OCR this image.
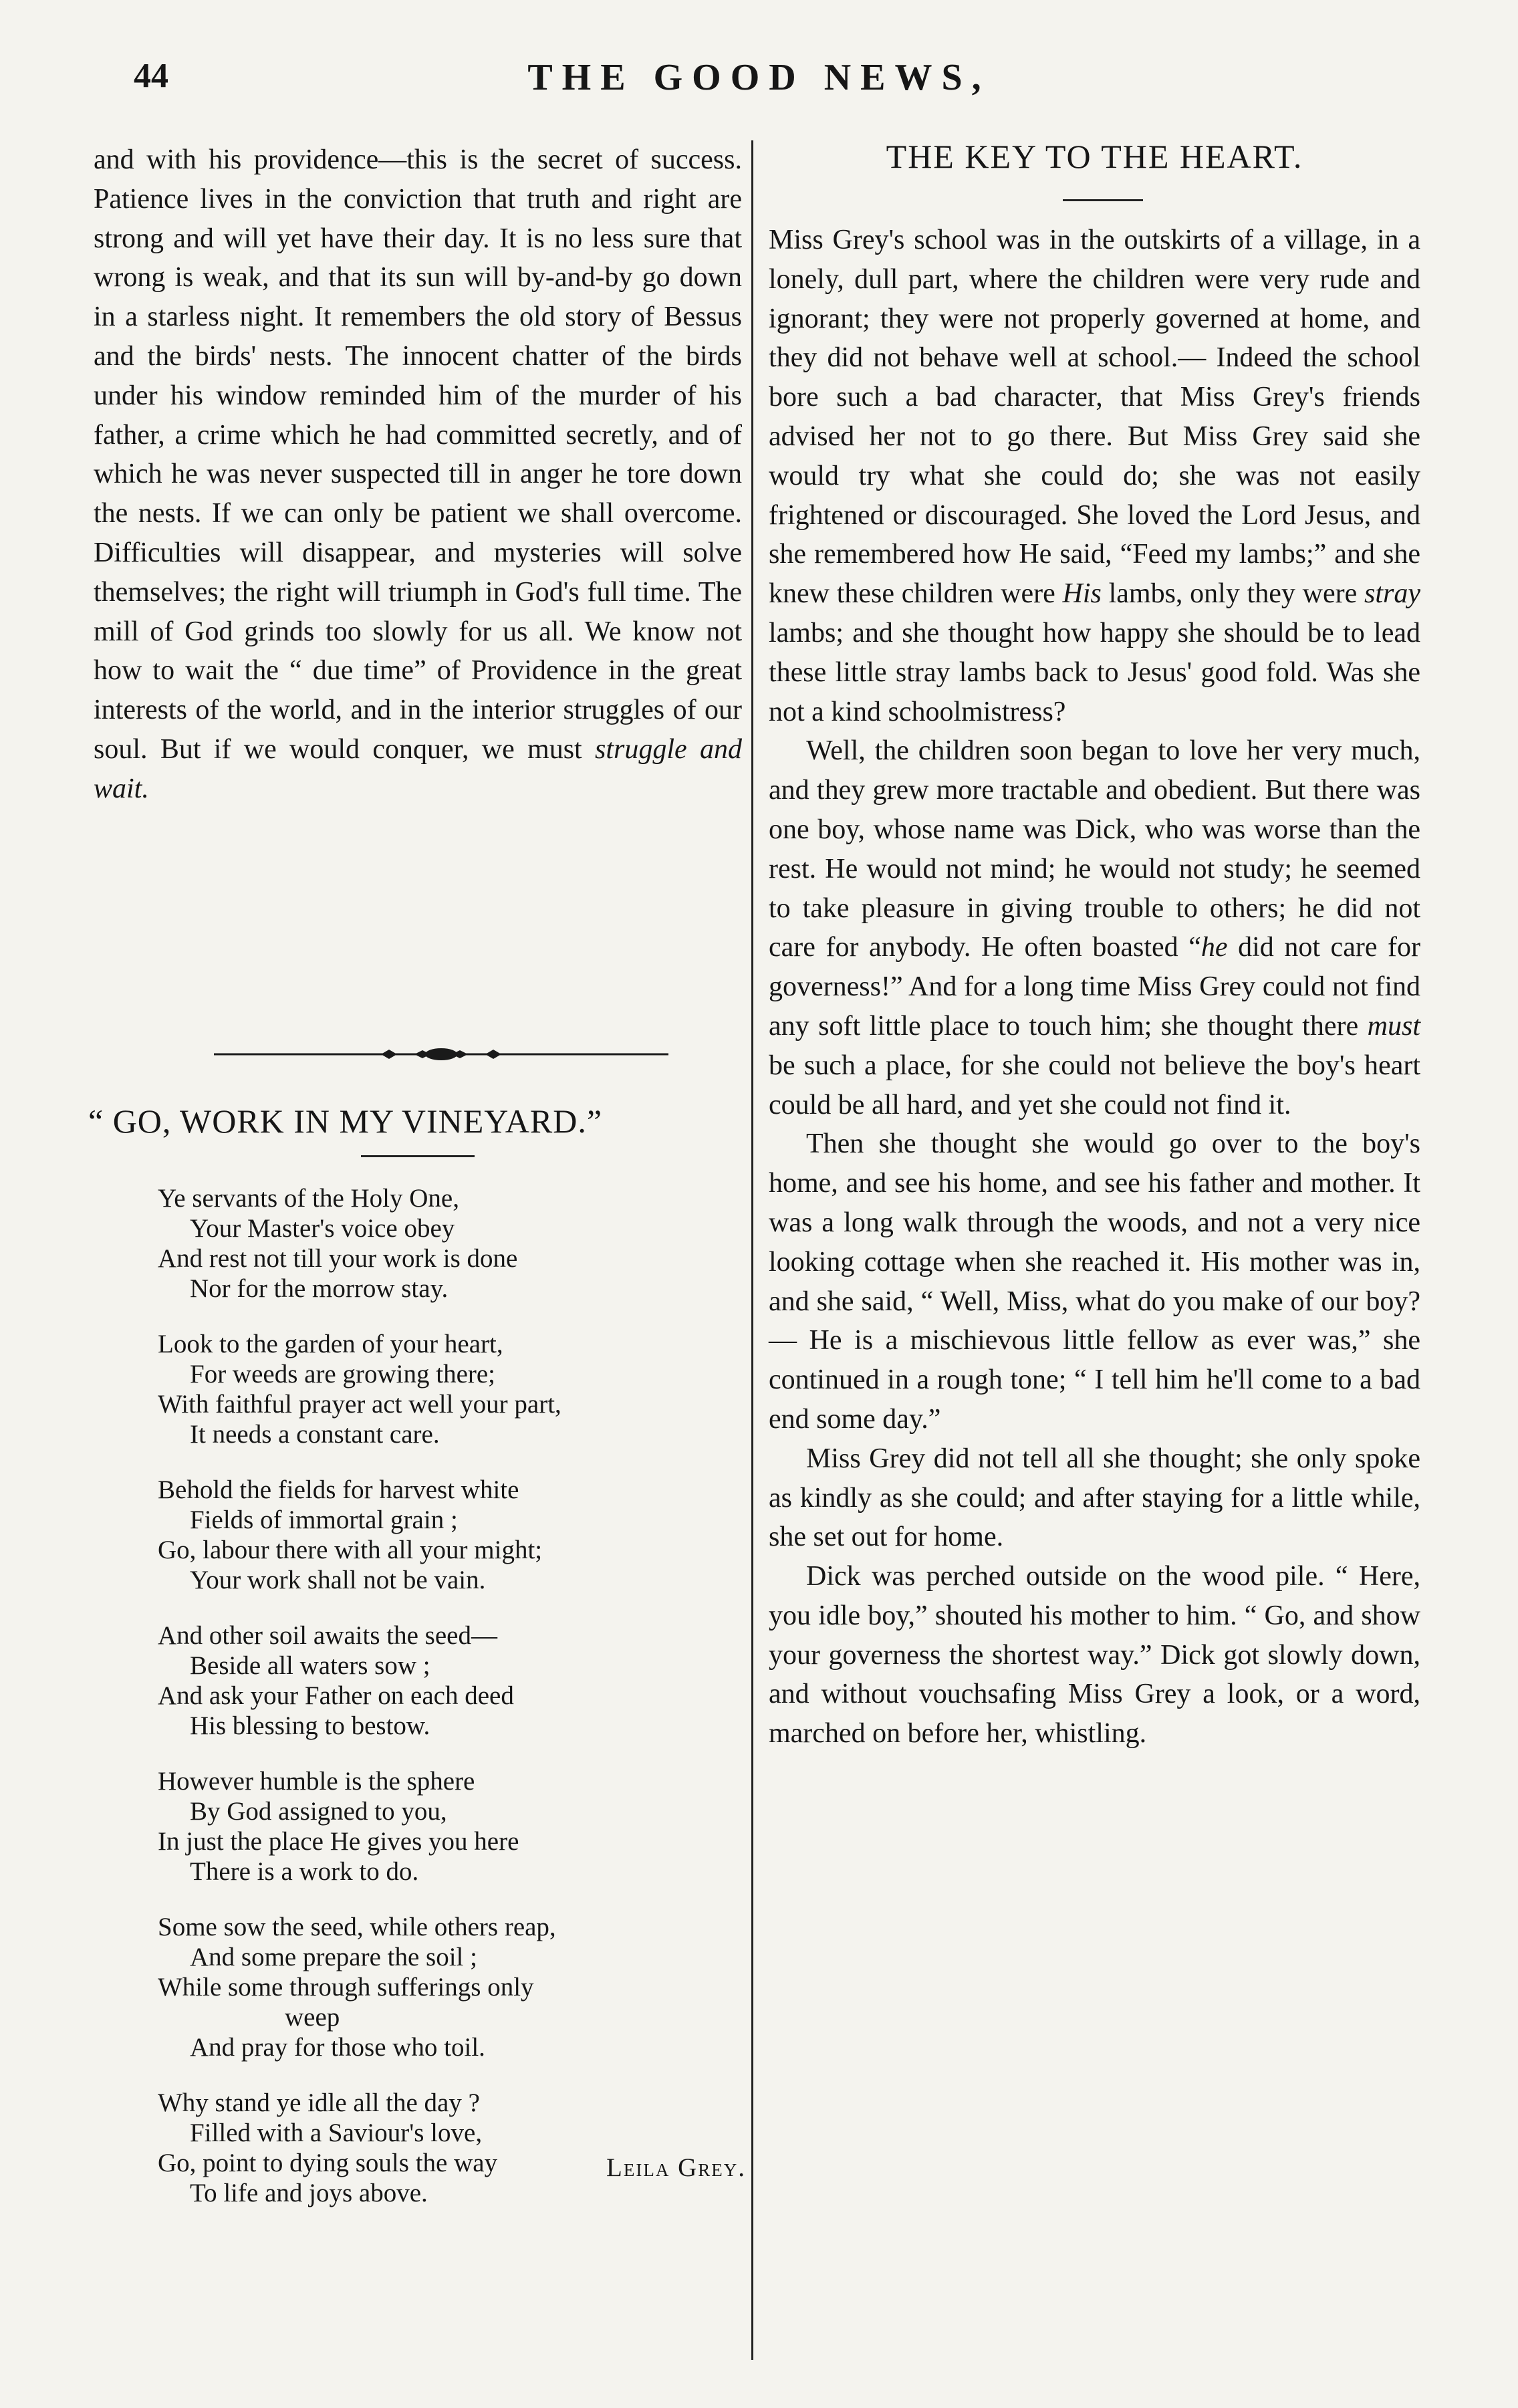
44	THE GOOD NEWS,

and with his providence—this is the secret of success. Patience lives in the conviction that truth and right are strong and will yet have their day. It is no less sure that wrong is weak, and that its sun will by-and-by go down in a starless night. It remembers the old story of Bessus and the birds' nests. The innocent chatter of the birds under his window reminded him of the murder of his father, a crime which he had committed secretly, and of which he was never suspected till in anger he tore down the nests. If we can only be patient we shall overcome. Difficulties will disappear, and mysteries will solve themselves; the right will triumph in God's full time. The mill of God grinds too slowly for us all. We know not how to wait the “ due time” of Providence in the great interests of the world, and in the interior struggles of our soul. But if we would conquer, we must struggle and wait.

“ GO, WORK IN MY VINEYARD.”
Ye servants of the Holy One,
Your Master's voice obey
And rest not till your work is done
Nor for the morrow stay.
Look to the garden of your heart,
For weeds are growing there;
With faithful prayer act well your part,
It needs a constant care.
Behold the fields for harvest white
Fields of immortal grain ;
Go, labour there with all your might;
Your work shall not be vain.
And other soil awaits the seed—
Beside all waters sow ;
And ask your Father on each deed
His blessing to bestow.
However humble is the sphere
By God assigned to you,
In just the place He gives you here
There is a work to do.
Some sow the seed, while others reap,
And some prepare the soil ;
While some through sufferings only
weep
And pray for those who toil.
Why stand ye idle all the day ?
Filled with a Saviour's love,
Go, point to dying souls the way
To life and joys above.
Leila Grey.
THE KEY TO THE HEART.

Miss Grey's school was in the outskirts of a village, in a lonely, dull part, where the children were very rude and ignorant; they were not properly governed at home, and they did not behave well at school.— Indeed the school bore such a bad character, that Miss Grey's friends advised her not to go there. But Miss Grey said she would try what she could do; she was not easily frightened or discouraged. She loved the Lord Jesus, and she remembered how He said, “Feed my lambs;” and she knew these children were His lambs, only they were stray lambs; and she thought how happy she should be to lead these little stray lambs back to Jesus' good fold. Was she not a kind schoolmistress?

Well, the children soon began to love her very much, and they grew more tractable and obedient. But there was one boy, whose name was Dick, who was worse than the rest. He would not mind; he would not study; he seemed to take pleasure in giving trouble to others; he did not care for anybody. He often boasted “he did not care for governess!” And for a long time Miss Grey could not find any soft little place to touch him; she thought there must be such a place, for she could not believe the boy's heart could be all hard, and yet she could not find it.

Then she thought she would go over to the boy's home, and see his home, and see his father and mother. It was a long walk through the woods, and not a very nice looking cottage when she reached it. His mother was in, and she said, “ Well, Miss, what do you make of our boy?— He is a mischievous little fellow as ever was,” she continued in a rough tone; “ I tell him he'll come to a bad end some day.”

Miss Grey did not tell all she thought; she only spoke as kindly as she could; and after staying for a little while, she set out for home.

Dick was perched outside on the wood pile. “ Here, you idle boy,” shouted his mother to him. “ Go, and show your governess the shortest way.” Dick got slowly down, and without vouchsafing Miss Grey a look, or a word, marched on before her, whistling.
